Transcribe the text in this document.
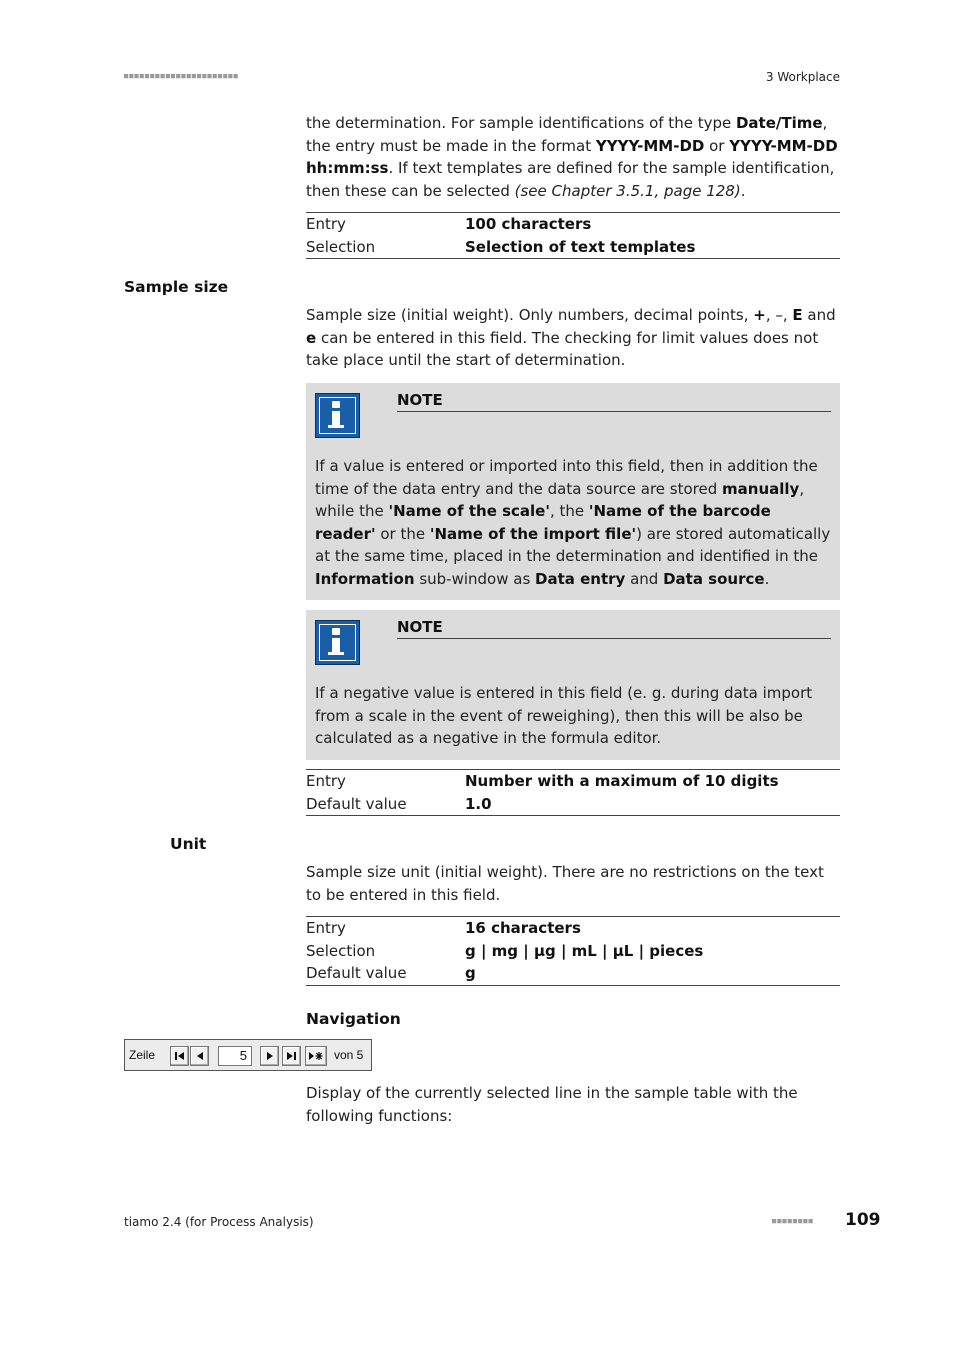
■■■■■■■■■■■■■■■■■■■■■■	3 Workplace
the determination. For sample identifications of the type Date/Time, the entry must be made in the format YYYY-MM-DD or YYYY-MM-DD hh:mm:ss. If text templates are defined for the sample identification, then these can be selected (see Chapter 3.5.1, page 128).
Entry	100 characters
Selection	Selection of text templates
Sample size
Sample size (initial weight). Only numbers, decimal points, +, –, E and e can be entered in this field. The checking for limit values does not take place until the start of determination.
NOTE
If a value is entered or imported into this field, then in addition the time of the data entry and the data source are stored manually, while the 'Name of the scale', the 'Name of the barcode reader' or the 'Name of the import file') are stored automatically at the same time, placed in the determination and identified in the Information sub-window as Data entry and Data source.
NOTE
If a negative value is entered in this field (e. g. during data import from a scale in the event of reweighing), then this will be also be calculated as a negative in the formula editor.
Entry	Number with a maximum of 10 digits
Default value	1.0
Unit
Sample size unit (initial weight). There are no restrictions on the text to be entered in this field.
Entry	16 characters
Selection	g | mg | µg | mL | µL | pieces
Default value	g
Navigation
Zeile	5	von 5
Display of the currently selected line in the sample table with the following functions:
tiamo 2.4 (for Process Analysis)	■■■■■■■■ 109
